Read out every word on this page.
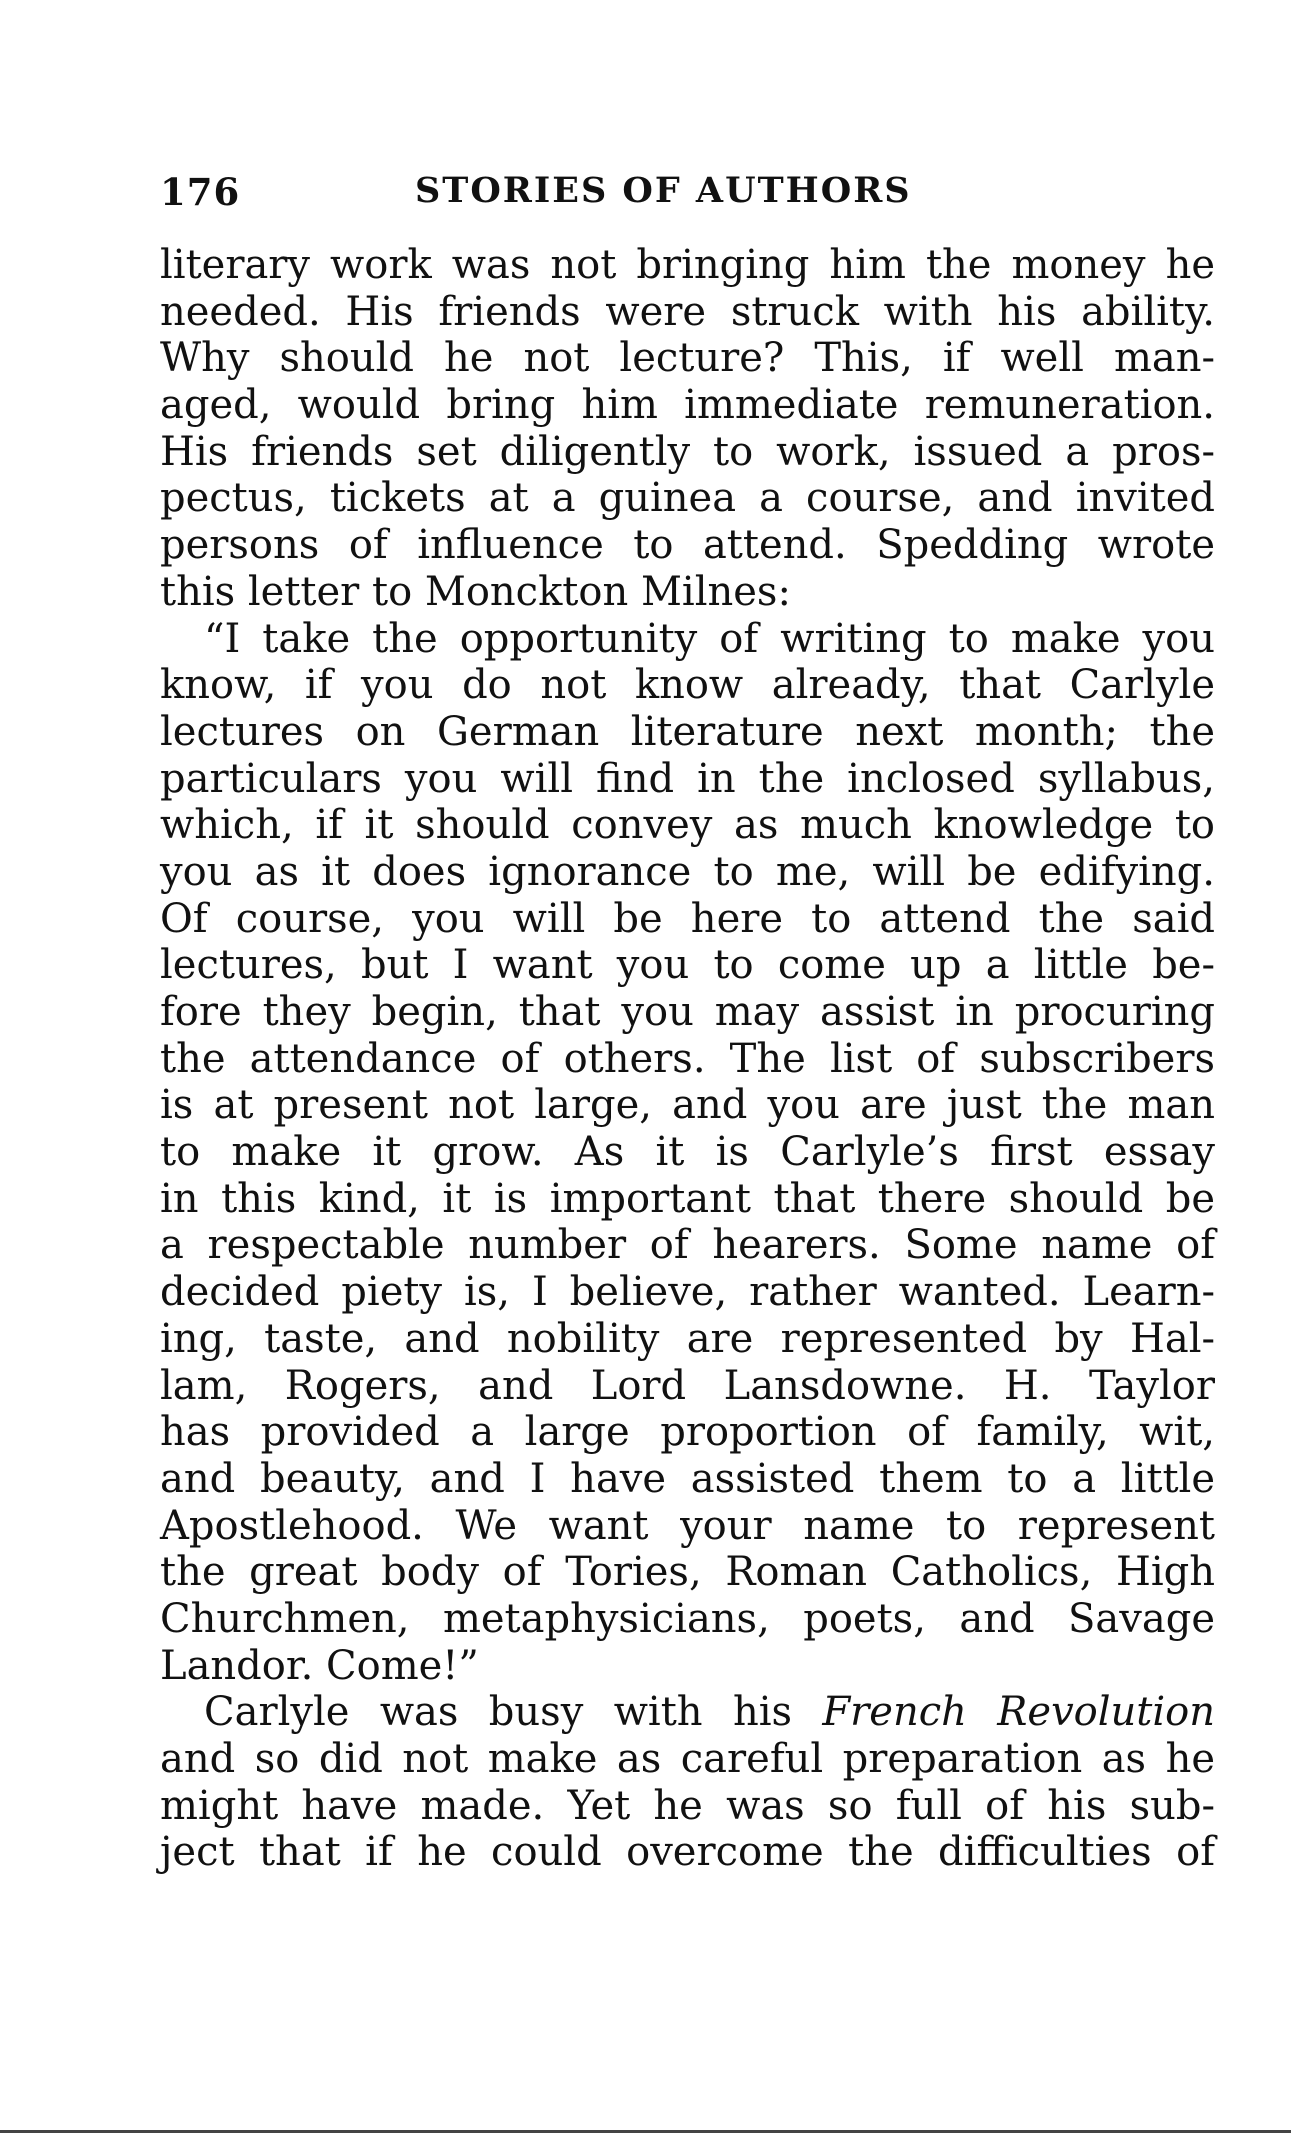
176	STORIES OF AUTHORS
literary work was not bringing him the money he
needed. His friends were struck with his ability.
Why should he not lecture? This, if well man-
aged, would bring him immediate remuneration.
His friends set diligently to work, issued a pros-
pectus, tickets at a guinea a course, and invited
persons of influence to attend. Spedding wrote
this letter to Monckton Milnes:
“I take the opportunity of writing to make you
know, if you do not know already, that Carlyle
lectures on German literature next month; the
particulars you will find in the inclosed syllabus,
which, if it should convey as much knowledge to
you as it does ignorance to me, will be edifying.
Of course, you will be here to attend the said
lectures, but I want you to come up a little be-
fore they begin, that you may assist in procuring
the attendance of others. The list of subscribers
is at present not large, and you are just the man
to make it grow. As it is Carlyle’s first essay
in this kind, it is important that there should be
a respectable number of hearers. Some name of
decided piety is, I believe, rather wanted. Learn-
ing, taste, and nobility are represented by Hal-
lam, Rogers, and Lord Lansdowne. H. Taylor
has provided a large proportion of family, wit,
and beauty, and I have assisted them to a little
Apostlehood. We want your name to represent
the great body of Tories, Roman Catholics, High
Churchmen, metaphysicians, poets, and Savage
Landor. Come!”
Carlyle was busy with his French Revolution
and so did not make as careful preparation as he
might have made. Yet he was so full of his sub-
ject that if he could overcome the difficulties of
